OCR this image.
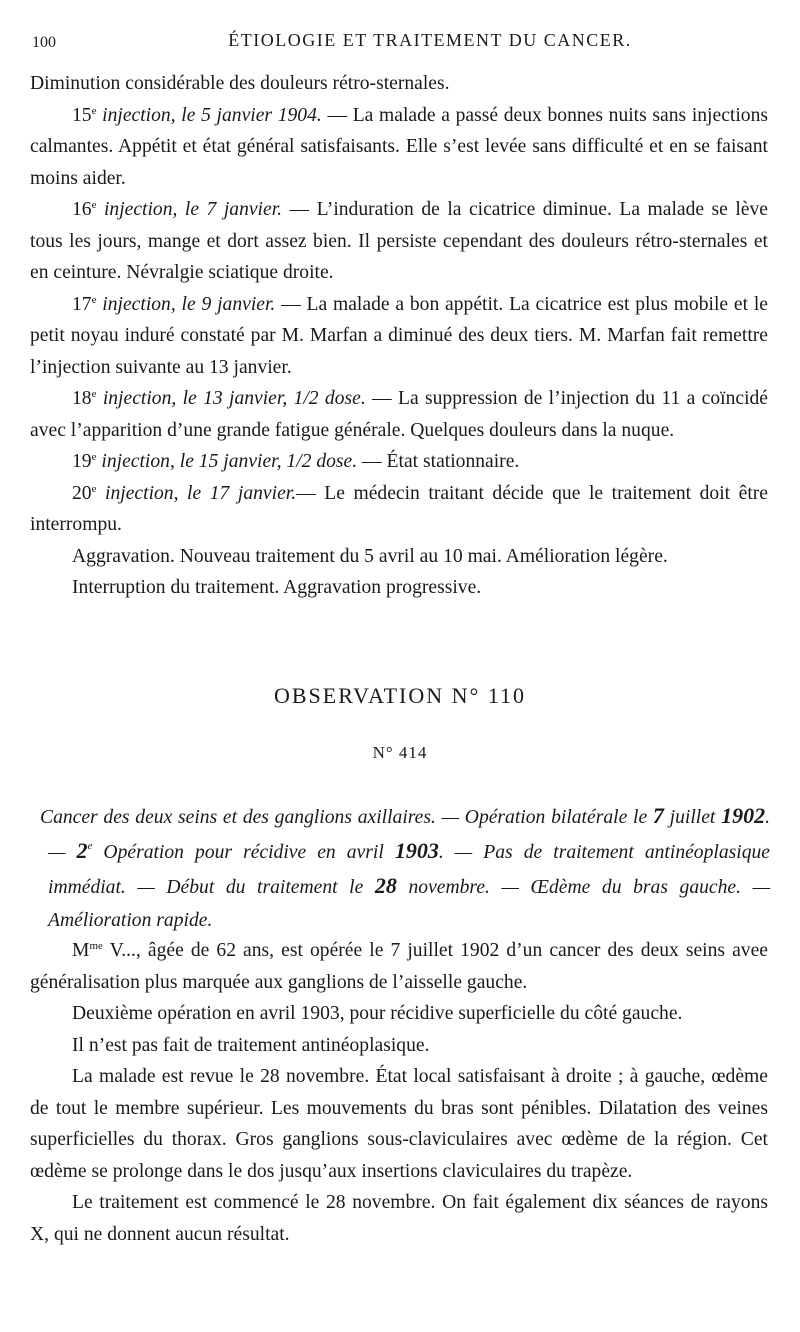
100	ÉTIOLOGIE ET TRAITEMENT DU CANCER.

Diminution considérable des douleurs rétro-sternales.

15e injection, le 5 janvier 1904. — La malade a passé deux bonnes nuits sans injections calmantes. Appétit et état général satisfaisants. Elle s’est levée sans difficulté et en se faisant moins aider.

16e injection, le 7 janvier. — L’induration de la cicatrice diminue. La malade se lève tous les jours, mange et dort assez bien. Il persiste cependant des douleurs rétro-sternales et en ceinture. Névralgie sciatique droite.

17e injection, le 9 janvier. — La malade a bon appétit. La cicatrice est plus mobile et le petit noyau induré constaté par M. Marfan a diminué des deux tiers. M. Marfan fait remettre l’injection suivante au 13 janvier.

18e injection, le 13 janvier, 1/2 dose. — La suppression de l’injection du 11 a coïncidé avec l’apparition d’une grande fatigue générale. Quelques douleurs dans la nuque.

19e injection, le 15 janvier, 1/2 dose. — État stationnaire.

20e injection, le 17 janvier.— Le médecin traitant décide que le traitement doit être interrompu.

Aggravation. Nouveau traitement du 5 avril au 10 mai. Amélioration légère.

Interruption du traitement. Aggravation progressive.

OBSERVATION N° 110
N° 414
Cancer des deux seins et des ganglions axillaires. — Opération bilatérale le 7 juillet 1902. — 2e Opération pour récidive en avril 1903. — Pas de traitement antinéoplasique immédiat. — Début du traitement le 28 novembre. — Œdème du bras gauche. — Amélioration rapide.

$M^{me}$ V..., âgée de 62 ans, est opérée le 7 juillet 1902 d’un cancer des deux seins avee généralisation plus marquée aux ganglions de l’aisselle gauche.

Deuxième opération en avril 1903, pour récidive superficielle du côté gauche.

Il n’est pas fait de traitement antinéoplasique.

La malade est revue le 28 novembre. État local satisfaisant à droite ; à gauche, œdème de tout le membre supérieur. Les mouvements du bras sont pénibles. Dilatation des veines superficielles du thorax. Gros ganglions sous-claviculaires avec œdème de la région. Cet œdème se prolonge dans le dos jusqu’aux insertions claviculaires du trapèze.

Le traitement est commencé le 28 novembre. On fait également dix séances de rayons X, qui ne donnent aucun résultat.
